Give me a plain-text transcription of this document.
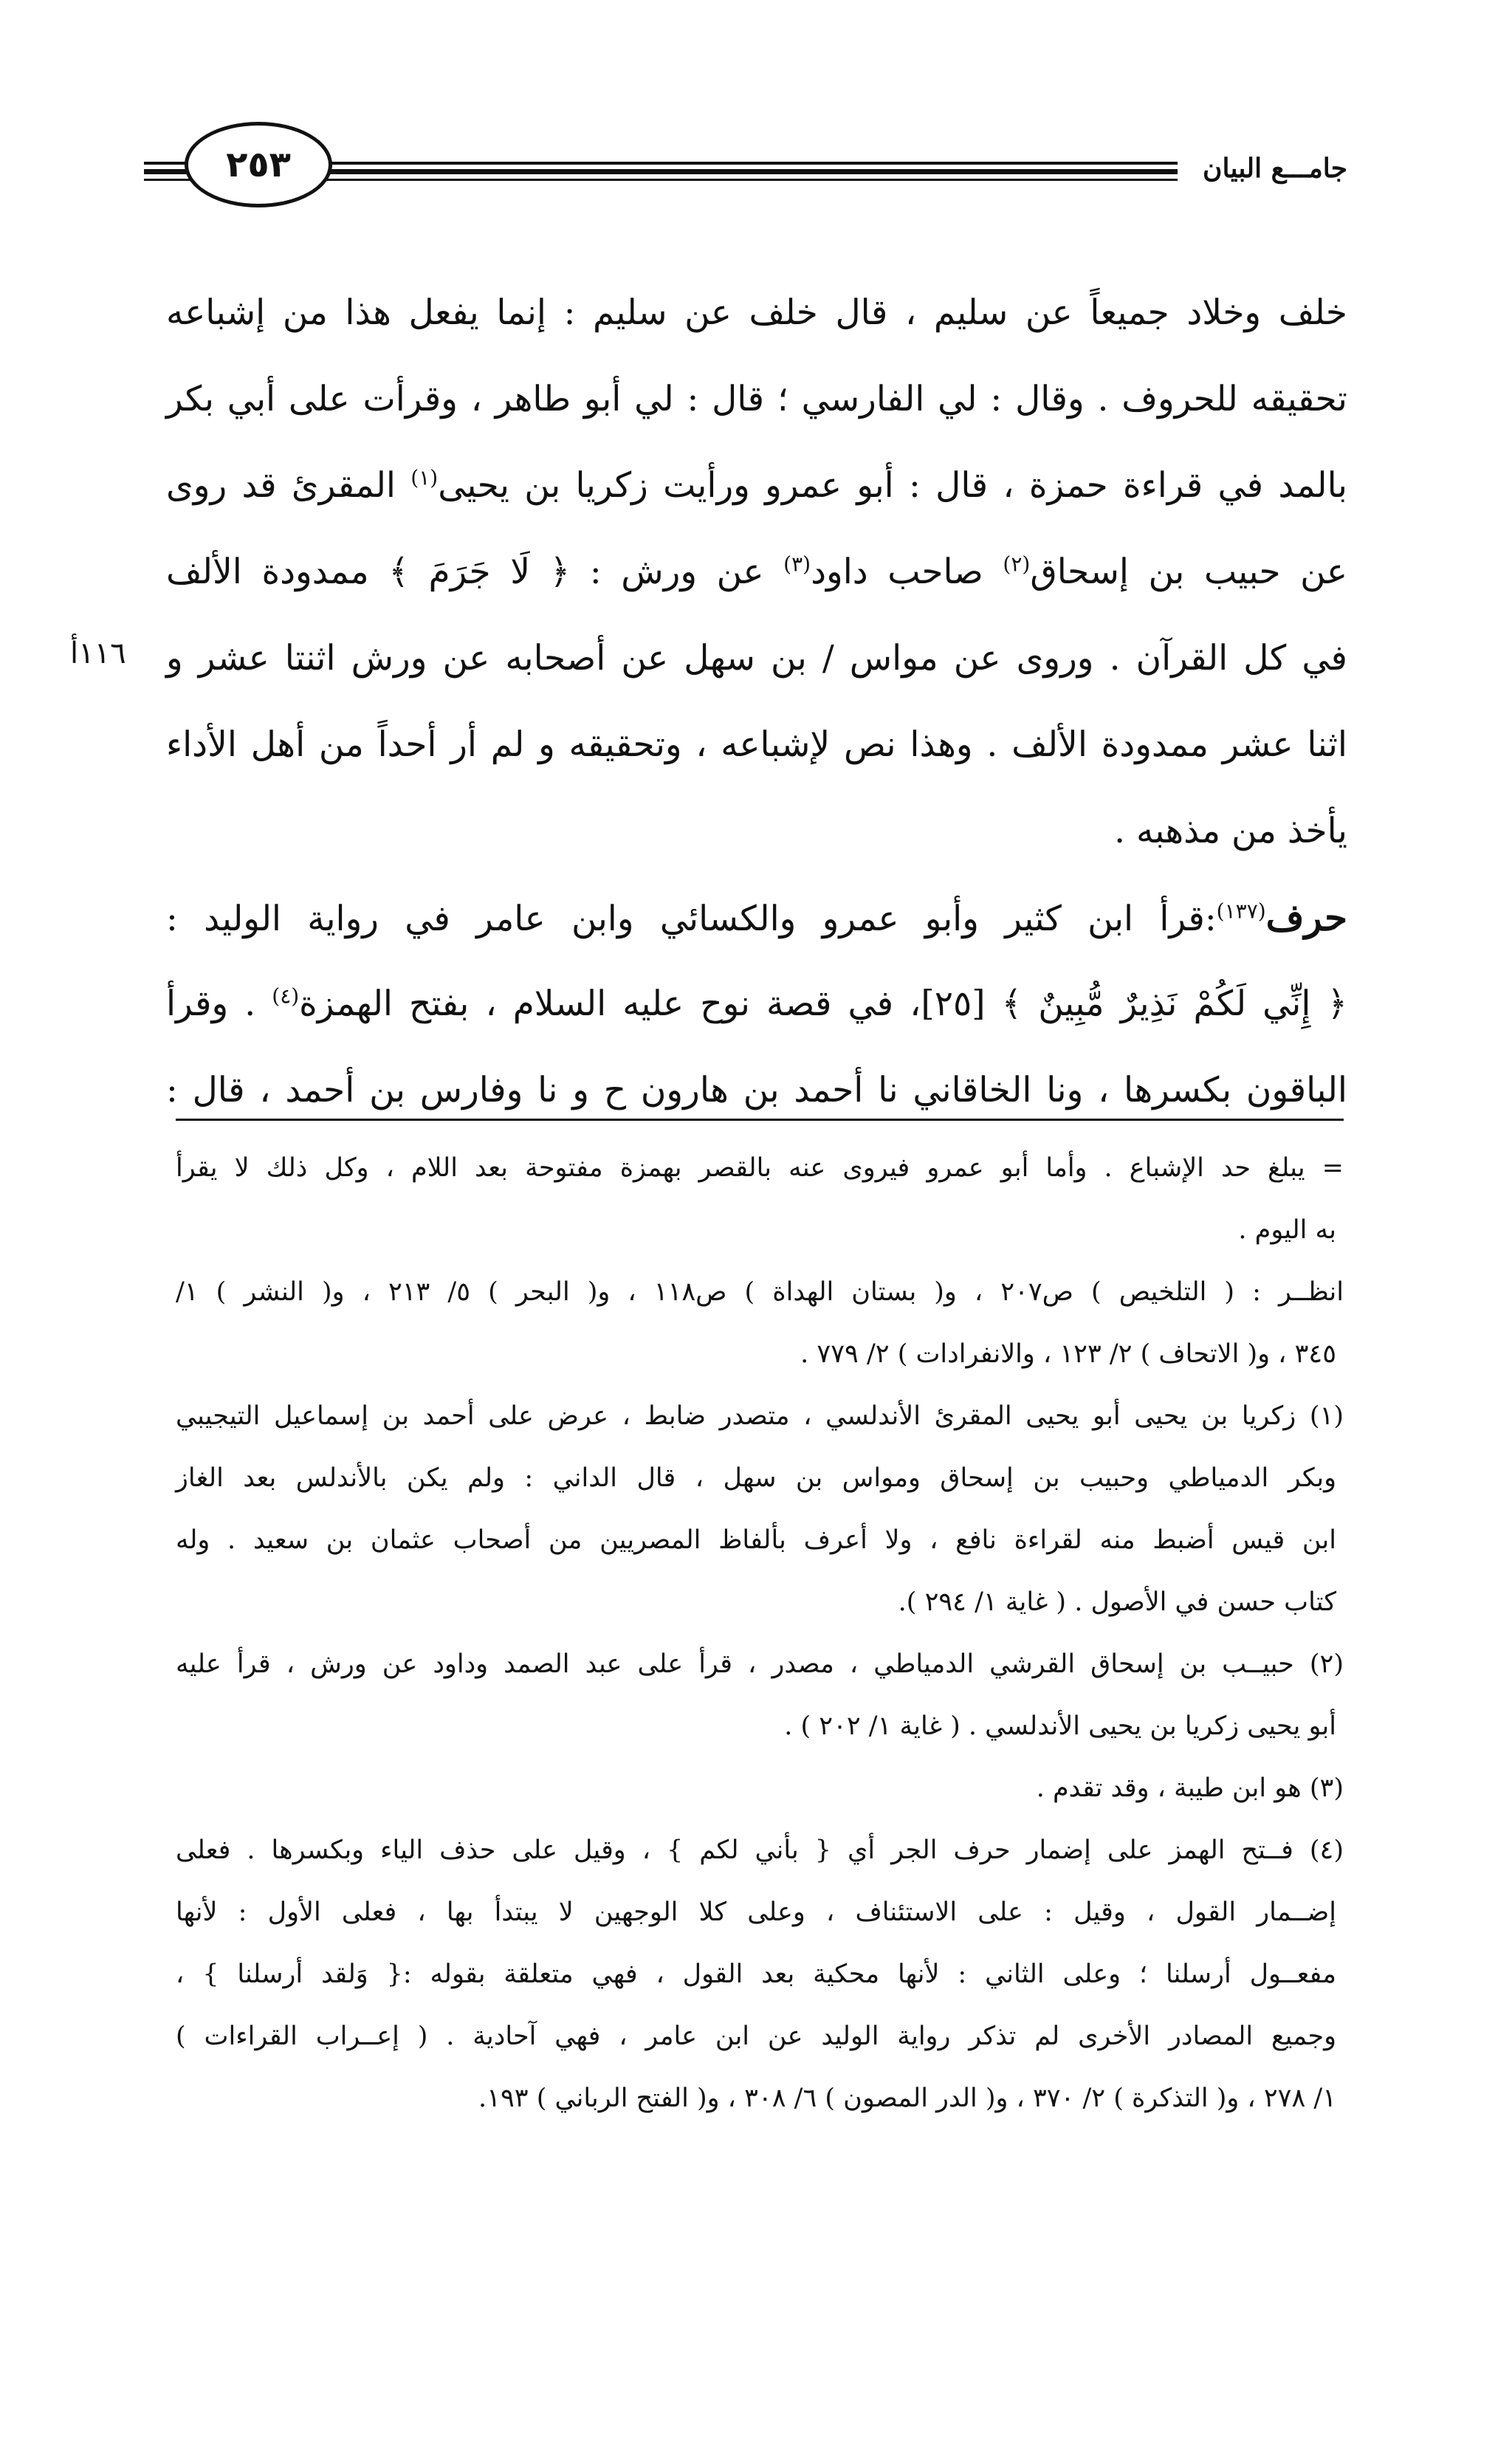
جامـــع البيان
٢٥٣
١١٦أ
خلف وخلاد جميعاً عن سليم ، قال خلف عن سليم : إنما يفعل هذا من إشباعه
تحقيقه للحروف . وقال : لي الفارسي ؛ قال : لي أبو طاهر ، وقرأت على أبي بكر
بالمد في قراءة حمزة ، قال : أبو عمرو ورأيت زكريا بن يحيى$^{(١)}$ المقرئ قد روى
عن حبيب بن إسحاق$^{(٢)}$ صاحب داود$^{(٣)}$ عن ورش : ﴿ لَا جَرَمَ ﴾ ممدودة الألف
في كل القرآن . وروى عن مواس / بن سهل عن أصحابه عن ورش اثنتا عشر و
اثنا عشر ممدودة الألف . وهذا نص لإشباعه ، وتحقيقه و لم أر أحداً من أهل الأداء
يأخذ من مذهبه .
حرف$^{(١٣٧)}$:قرأ ابن كثير وأبو عمرو والكسائي وابن عامر في رواية الوليد :
﴿ إِنِّي لَكُمْ نَذِيرٌ مُّبِينٌ ﴾ [٢٥]، في قصة نوح عليه السلام ، بفتح الهمزة$^{(٤)}$ . وقرأ
الباقون بكسرها ، ونا الخاقاني نا أحمد بن هارون ح و نا وفارس بن أحمد ، قال :
= يبلغ حد الإشباع . وأما أبو عمرو فيروى عنه بالقصر بهمزة مفتوحة بعد اللام ، وكل ذلك لا يقرأ
به اليوم .
انظــر : ( التلخيص ) ص٢٠٧ ، و( بستان الهداة ) ص١١٨ ، و( البحر ) ٥/ ٢١٣ ، و( النشر ) ١/
٣٤٥ ، و( الاتحاف ) ٢/ ١٢٣ ، والانفرادات ) ٢/ ٧٧٩ .
(١) زكريا بن يحيى أبو يحيى المقرئ الأندلسي ، متصدر ضابط ، عرض على أحمد بن إسماعيل التيجيبي
وبكر الدمياطي وحبيب بن إسحاق ومواس بن سهل ، قال الداني : ولم يكن بالأندلس بعد الغاز
ابن قيس أضبط منه لقراءة نافع ، ولا أعرف بألفاظ المصريين من أصحاب عثمان بن سعيد . وله
كتاب حسن في الأصول . ( غاية ١/ ٢٩٤ ).
(٢) حبيــب بن إسحاق القرشي الدمياطي ، مصدر ، قرأ على عبد الصمد وداود عن ورش ، قرأ عليه
أبو يحيى زكريا بن يحيى الأندلسي . ( غاية ١/ ٢٠٢ ) .
(٣) هو ابن طيبة ، وقد تقدم .
(٤) فــتح الهمز على إضمار حرف الجر أي { بأني لكم } ، وقيل على حذف الياء وبكسرها . فعلى
إضــمار القول ، وقيل : على الاستئناف ، وعلى كلا الوجهين لا يبتدأ بها ، فعلى الأول : لأنها
مفعــول أرسلنا ؛ وعلى الثاني : لأنها محكية بعد القول ، فهي متعلقة بقوله :{ وَلقد أرسلنا } ،
وجميع المصادر الأخرى لم تذكر رواية الوليد عن ابن عامر ، فهي آحادية . ( إعــراب القراءات )
١/ ٢٧٨ ، و( التذكرة ) ٢/ ٣٧٠ ، و( الدر المصون ) ٦/ ٣٠٨ ، و( الفتح الرباني ) ١٩٣.
